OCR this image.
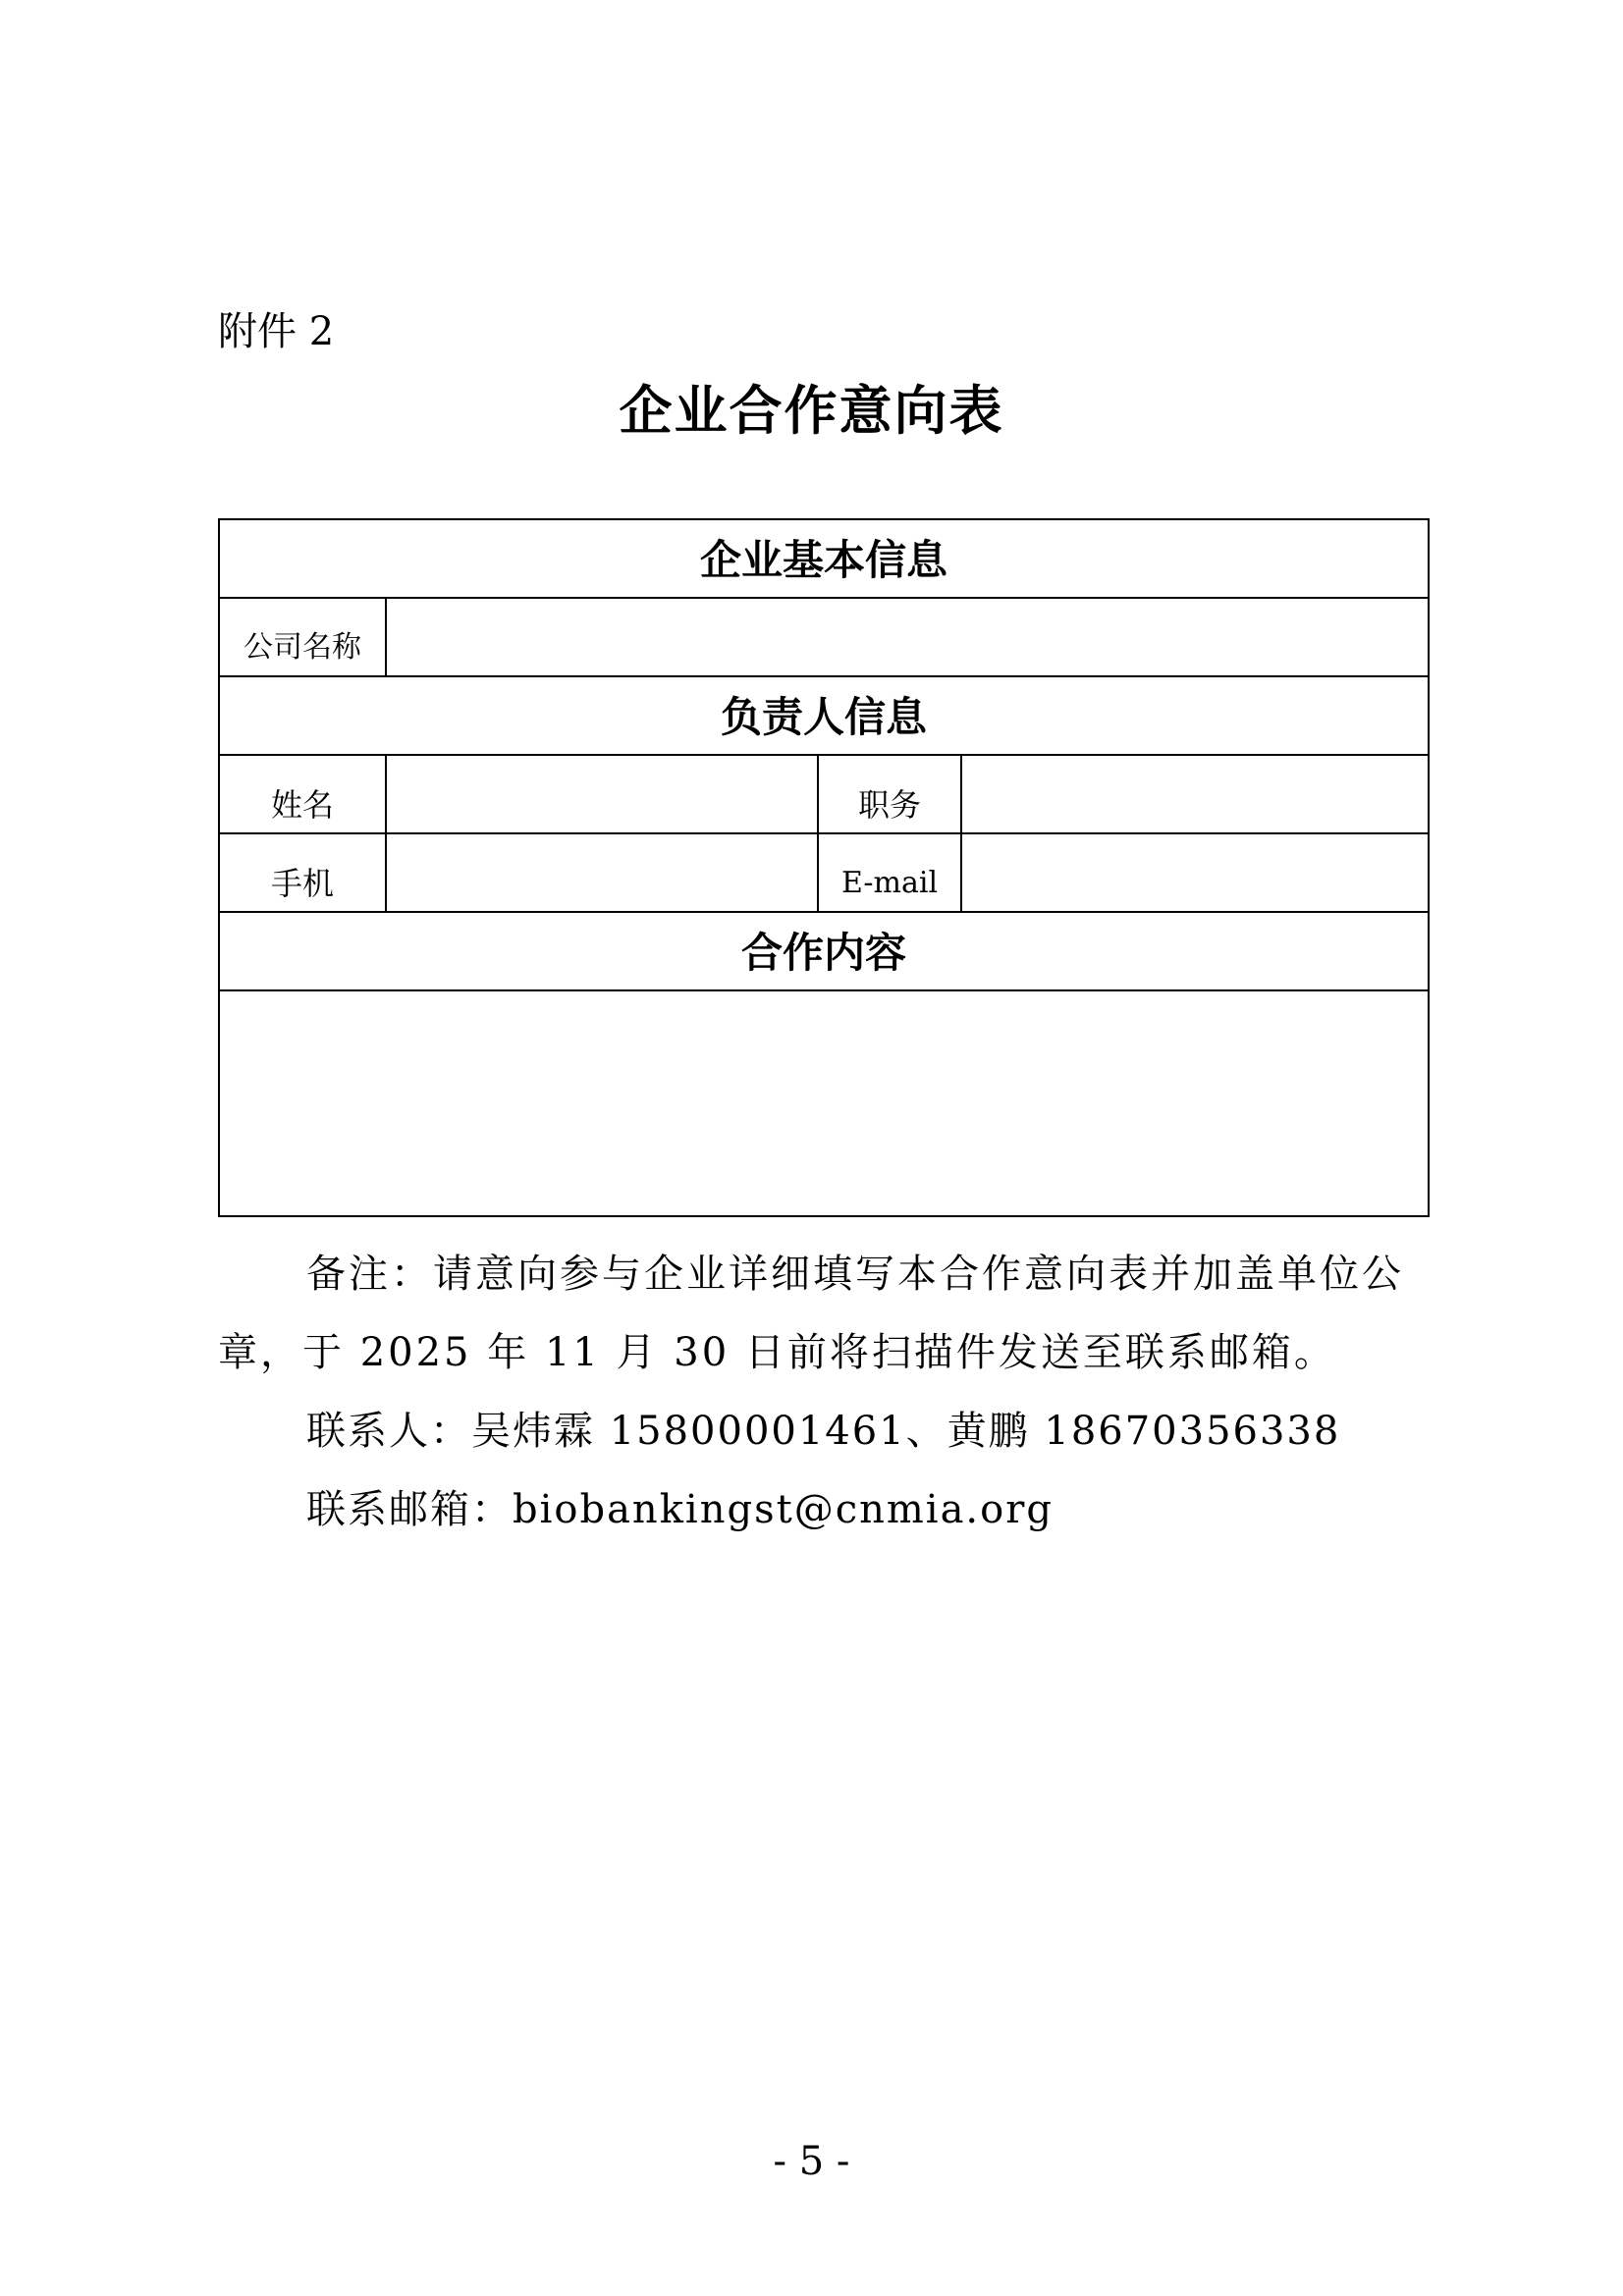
附件 2
企业合作意向表
企业基本信息
公司名称
负责人信息
姓名	职务
手机	E-mail
合作内容
备注：请意向参与企业详细填写本合作意向表并加盖单位公
章，于 2025 年 11 月 30 日前将扫描件发送至联系邮箱。
联系人：吴炜霖 15800001461、黄鹏 18670356338
联系邮箱：biobankingst@cnmia.org
- 5 -
